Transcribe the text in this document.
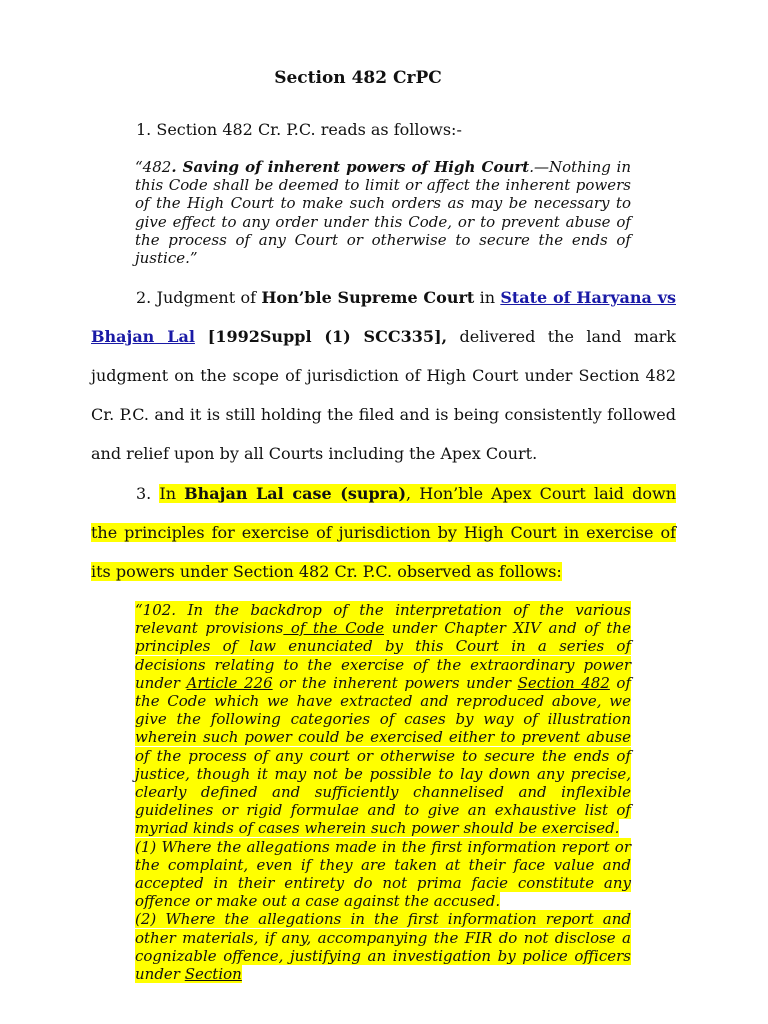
Section 482 CrPC
1. Section 482 Cr. P.C. reads as follows:-

“482. Saving of inherent powers of High Court.—Nothing in this Code shall be deemed to limit or affect the inherent powers of the High Court to make such orders as may be necessary to give effect to any order under this Code, or to prevent abuse of the process of any Court or otherwise to secure the ends of justice.”

2. Judgment of Hon’ble Supreme Court in State of Haryana vs Bhajan Lal [1992Suppl (1) SCC335], delivered the land mark judgment on the scope of jurisdiction of High Court under Section 482 Cr. P.C. and it is still holding the filed and is being consistently followed and relief upon by all Courts including the Apex Court.

3. In Bhajan Lal case (supra), Hon’ble Apex Court laid down the principles for exercise of jurisdiction by High Court in exercise of its powers under Section 482 Cr. P.C. observed as follows:

“102. In the backdrop of the interpretation of the various relevant provisions of the Code under Chapter XIV and of the principles of law enunciated by this Court in a series of decisions relating to the exercise of the extraordinary power under Article 226 or the inherent powers under Section 482 of the Code which we have extracted and reproduced above, we give the following categories of cases by way of illustration wherein such power could be exercised either to prevent abuse of the process of any court or otherwise to secure the ends of justice, though it may not be possible to lay down any precise, clearly defined and sufficiently channelised and inflexible guidelines or rigid formulae and to give an exhaustive list of myriad kinds of cases wherein such power should be exercised.
(1) Where the allegations made in the first information report or the complaint, even if they are taken at their face value and accepted in their entirety do not prima facie constitute any offence or make out a case against the accused.
(2) Where the allegations in the first information report and other materials, if any, accompanying the FIR do not disclose a cognizable offence, justifying an investigation by police officers under Section
